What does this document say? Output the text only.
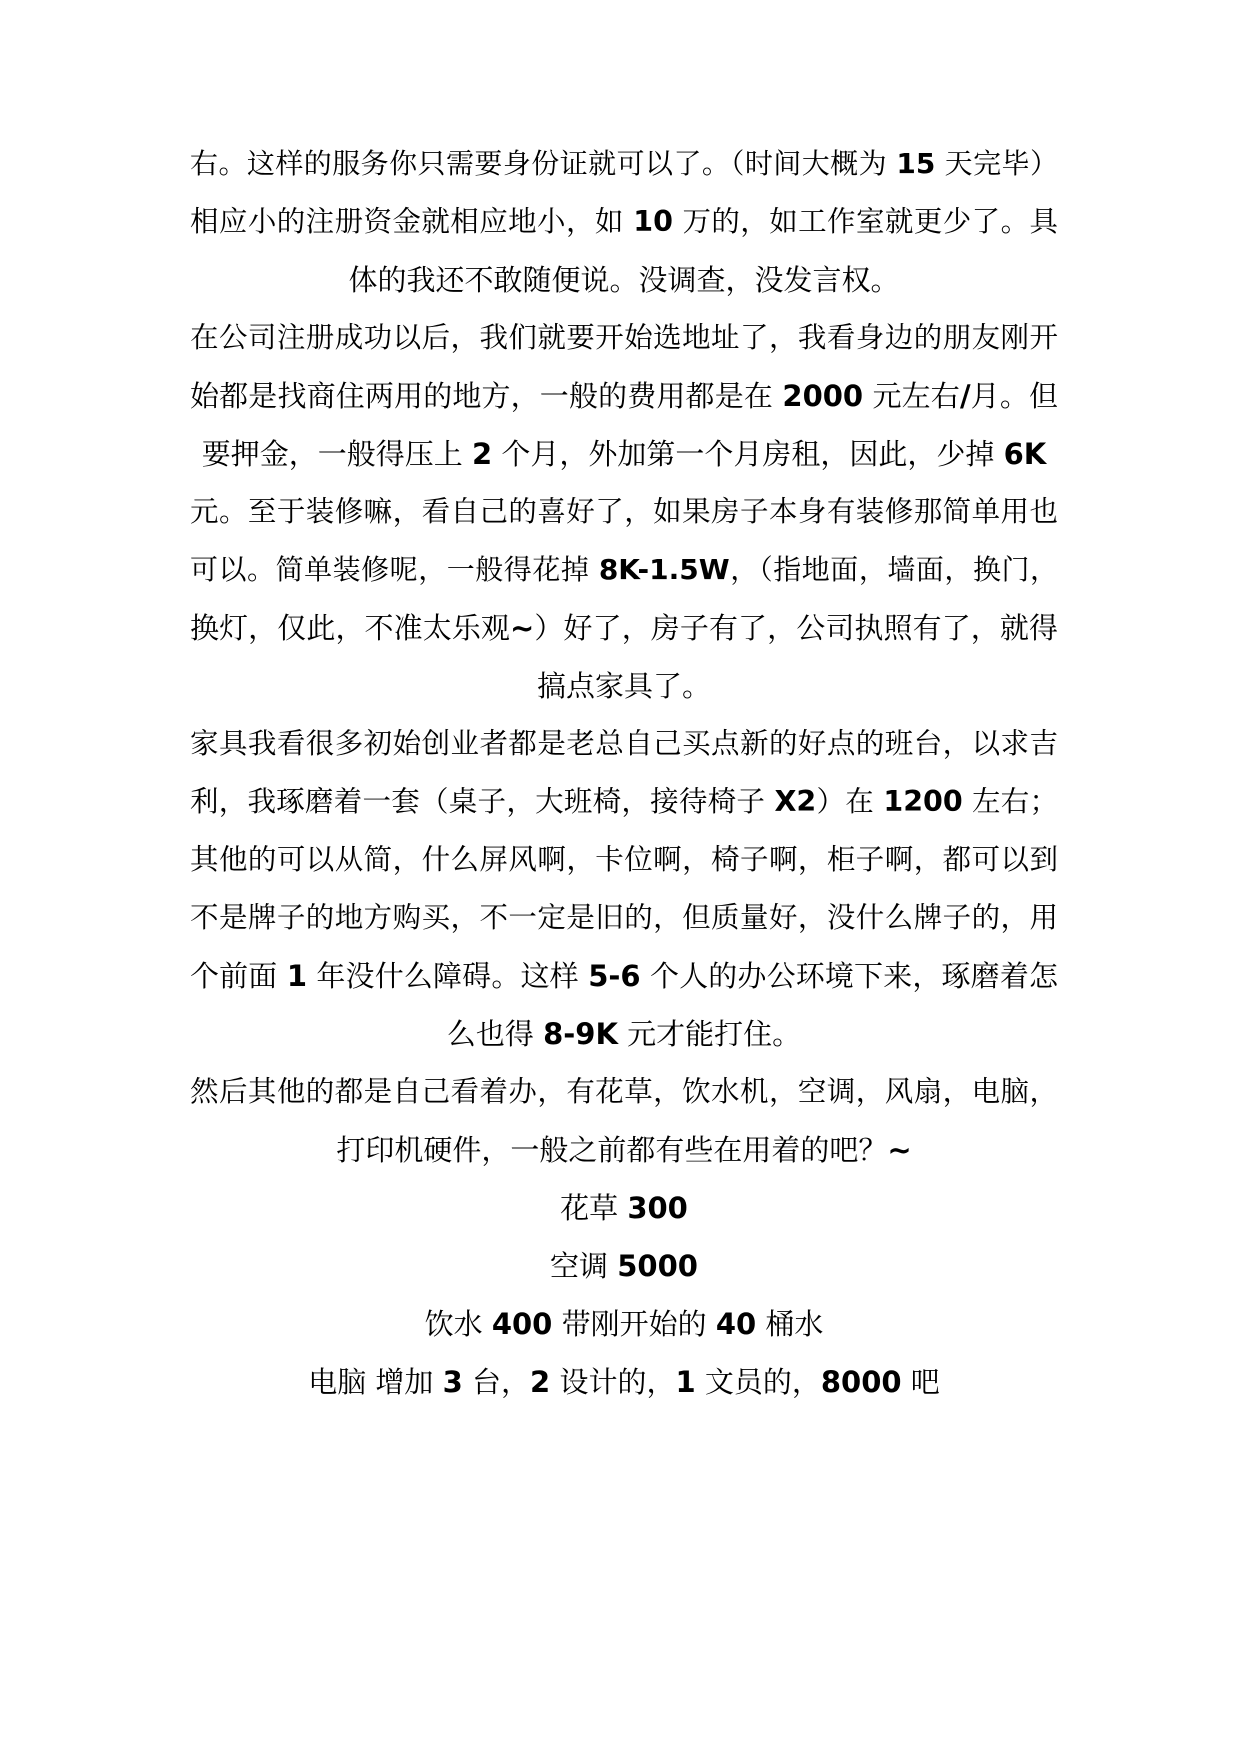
右。这样的服务你只需要身份证就可以了。（时间大概为 15 天完毕）
相应小的注册资金就相应地小，如 10 万的，如工作室就更少了。具
体的我还不敢随便说。没调查，没发言权。
在公司注册成功以后，我们就要开始选地址了，我看身边的朋友刚开
始都是找商住两用的地方，一般的费用都是在 2000 元左右/月。但
要押金，一般得压上 2 个月，外加第一个月房租，因此，少掉 6K
元。至于装修嘛，看自己的喜好了，如果房子本身有装修那简单用也
可以。简单装修呢，一般得花掉 8K-1.5W，（指地面，墙面，换门，
换灯，仅此，不准太乐观~）好了，房子有了，公司执照有了，就得
搞点家具了。
家具我看很多初始创业者都是老总自己买点新的好点的班台，以求吉
利，我琢磨着一套（桌子，大班椅，接待椅子 X2）在 1200 左右；
其他的可以从简，什么屏风啊，卡位啊，椅子啊，柜子啊，都可以到
不是牌子的地方购买，不一定是旧的，但质量好，没什么牌子的，用
个前面 1 年没什么障碍。这样 5-6 个人的办公环境下来，琢磨着怎
么也得 8-9K 元才能打住。
然后其他的都是自己看着办，有花草，饮水机，空调，风扇，电脑，
打印机硬件，一般之前都有些在用着的吧？~
花草 300
空调 5000
饮水 400 带刚开始的 40 桶水
电脑 增加 3 台，2 设计的，1 文员的，8000 吧
